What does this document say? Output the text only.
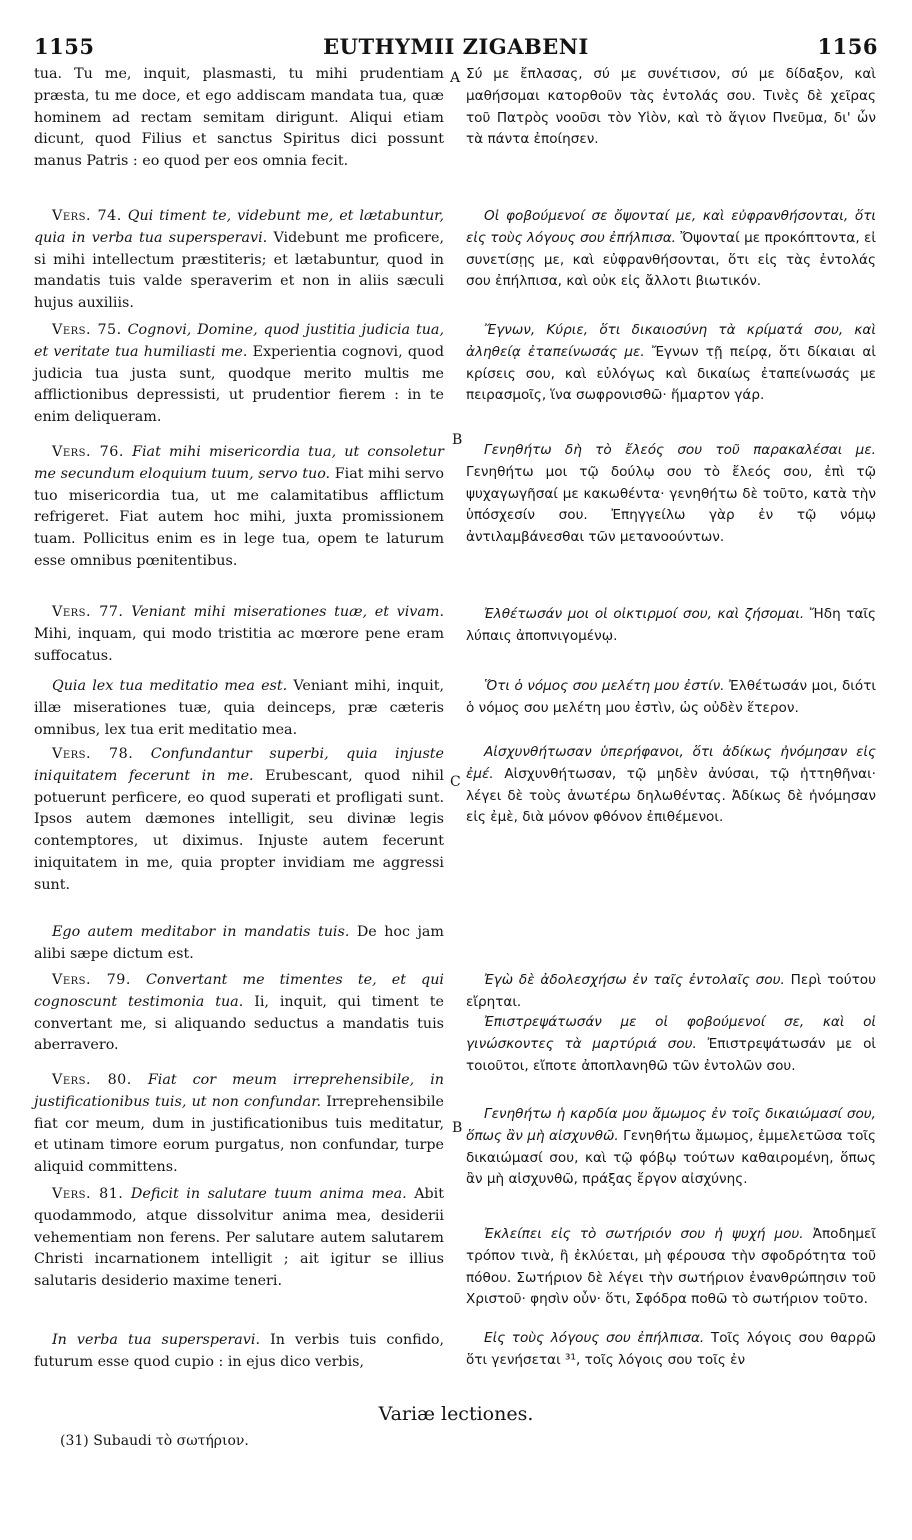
1155	EUTHYMII ZIGABENI	1156

tua. Tu me, inquit, plasmasti, tu mihi prudentiam præsta, tu me doce, et ego addiscam mandata tua, quæ hominem ad rectam semitam dirigunt. Aliqui etiam dicunt, quod Filius et sanctus Spiritus dici possunt manus Patris : eo quod per eos omnia fecit.

Vers. 74. Qui timent te, videbunt me, et lætabuntur, quia in verba tua supersperavi. Videbunt me proficere, si mihi intellectum præstiteris; et lætabuntur, quod in mandatis tuis valde speraverim et non in aliis sæculi hujus auxiliis.

Vers. 75. Cognovi, Domine, quod justitia judicia tua, et veritate tua humiliasti me. Experientia cognovi, quod judicia tua justa sunt, quodque merito multis me afflictionibus depressisti, ut prudentior fierem : in te enim deliqueram.

Vers. 76. Fiat mihi misericordia tua, ut consoletur me secundum eloquium tuum, servo tuo. Fiat mihi servo tuo misericordia tua, ut me calamitatibus afflictum refrigeret. Fiat autem hoc mihi, juxta promissionem tuam. Pollicitus enim es in lege tua, opem te laturum esse omnibus pœnitentibus.

Vers. 77. Veniant mihi miserationes tuæ, et vivam. Mihi, inquam, qui modo tristitia ac mœrore pene eram suffocatus.

Quia lex tua meditatio mea est. Veniant mihi, inquit, illæ miserationes tuæ, quia deinceps, præ cæteris omnibus, lex tua erit meditatio mea.

Vers. 78. Confundantur superbi, quia injuste iniquitatem fecerunt in me. Erubescant, quod nihil potuerunt perficere, eo quod superati et profligati sunt. Ipsos autem dæmones intelligit, seu divinæ legis contemptores, ut diximus. Injuste autem fecerunt iniquitatem in me, quia propter invidiam me aggressi sunt.

Ego autem meditabor in mandatis tuis. De hoc jam alibi sæpe dictum est.

Vers. 79. Convertant me timentes te, et qui cognoscunt testimonia tua. Ii, inquit, qui timent te convertant me, si aliquando seductus a mandatis tuis aberravero.

Vers. 80. Fiat cor meum irreprehensibile, in justificationibus tuis, ut non confundar. Irreprehensibile fiat cor meum, dum in justificationibus tuis meditatur, et utinam timore eorum purgatus, non confundar, turpe aliquid committens.

Vers. 81. Deficit in salutare tuum anima mea. Abit quodammodo, atque dissolvitur anima mea, desiderii vehementiam non ferens. Per salutare autem salutarem Christi incarnationem intelligit ; ait igitur se illius salutaris desiderio maxime teneri.

In verba tua supersperavi. In verbis tuis confido, futurum esse quod cupio : in ejus dico verbis,

A
B
C
B

Σύ με ἔπλασας, σύ με συνέτισον, σύ με δίδαξον, καὶ μαθήσομαι κατορθοῦν τὰς ἐντολάς σου. Τινὲς δὲ χεῖρας τοῦ Πατρὸς νοοῦσι τὸν Υἱὸν, καὶ τὸ ἅγιον Πνεῦμα, δι' ὧν τὰ πάντα ἐποίησεν.

Οἱ φοβούμενοί σε ὄψονταί με, καὶ εὐφρανθήσονται, ὅτι εἰς τοὺς λόγους σου ἐπήλπισα. Ὄψονταί με προκόπτοντα, εἰ συνετίσῃς με, καὶ εὐφρανθήσονται, ὅτι εἰς τὰς ἐντολάς σου ἐπήλπισα, καὶ οὐκ εἰς ἄλλοτι βιωτικόν.

Ἔγνων, Κύριε, ὅτι δικαιοσύνη τὰ κρίματά σου, καὶ ἀληθείᾳ ἐταπείνωσάς με. Ἔγνων τῇ πείρᾳ, ὅτι δίκαιαι αἱ κρίσεις σου, καὶ εὐλόγως καὶ δικαίως ἐταπείνωσάς με πειρασμοῖς, ἵνα σωφρονισθῶ· ἥμαρτον γάρ.

Γενηθήτω δὴ τὸ ἔλεός σου τοῦ παρακαλέσαι με. Γενηθήτω μοι τῷ δούλῳ σου τὸ ἔλεός σου, ἐπὶ τῷ ψυχαγωγῆσαί με κακωθέντα· γενηθήτω δὲ τοῦτο, κατὰ τὴν ὑπόσχεσίν σου. Ἐπηγγείλω γὰρ ἐν τῷ νόμῳ ἀντιλαμβάνεσθαι τῶν μετανοούντων.

Ἐλθέτωσάν μοι οἱ οἰκτιρμοί σου, καὶ ζήσομαι. Ἤδη ταῖς λύπαις ἀποπνιγομένῳ.

Ὅτι ὁ νόμος σου μελέτη μου ἐστίν. Ἐλθέτωσάν μοι, διότι ὁ νόμος σου μελέτη μου ἐστὶν, ὡς οὐδὲν ἕτερον.

Αἰσχυνθήτωσαν ὑπερήφανοι, ὅτι ἀδίκως ἠνόμησαν εἰς ἐμέ. Αἰσχυνθήτωσαν, τῷ μηδὲν ἀνύσαι, τῷ ἡττηθῆναι· λέγει δὲ τοὺς ἀνωτέρω δηλωθέντας. Ἀδίκως δὲ ἠνόμησαν εἰς ἐμὲ, διὰ μόνον φθόνον ἐπιθέμενοι.

Ἐγὼ δὲ ἀδολεσχήσω ἐν ταῖς ἐντολαῖς σου. Περὶ τούτου εἴρηται.

Ἐπιστρεψάτωσάν με οἱ φοβούμενοί σε, καὶ οἱ γινώσκοντες τὰ μαρτύριά σου. Ἐπιστρεψάτωσάν με οἱ τοιοῦτοι, εἴποτε ἀποπλανηθῶ τῶν ἐντολῶν σου.

Γενηθήτω ἡ καρδία μου ἄμωμος ἐν τοῖς δικαιώμασί σου, ὅπως ἂν μὴ αἰσχυνθῶ. Γενηθήτω ἄμωμος, ἐμμελετῶσα τοῖς δικαιώμασί σου, καὶ τῷ φόβῳ τούτων καθαιρομένη, ὅπως ἂν μὴ αἰσχυνθῶ, πράξας ἔργον αἰσχύνης.

Ἐκλείπει εἰς τὸ σωτήριόν σου ἡ ψυχή μου. Ἀποδημεῖ τρόπον τινὰ, ἢ ἐκλύεται, μὴ φέρουσα τὴν σφοδρότητα τοῦ πόθου. Σωτήριον δὲ λέγει τὴν σωτήριον ἐνανθρώπησιν τοῦ Χριστοῦ· φησὶν οὖν· ὅτι, Σφόδρα ποθῶ τὸ σωτήριον τοῦτο.

Εἰς τοὺς λόγους σου ἐπήλπισα. Τοῖς λόγοις σου θαρρῶ ὅτι γενήσεται ³¹, τοῖς λόγοις σου τοῖς ἐν

Variæ lectiones.
(31) Subaudi τὸ σωτήριον.
